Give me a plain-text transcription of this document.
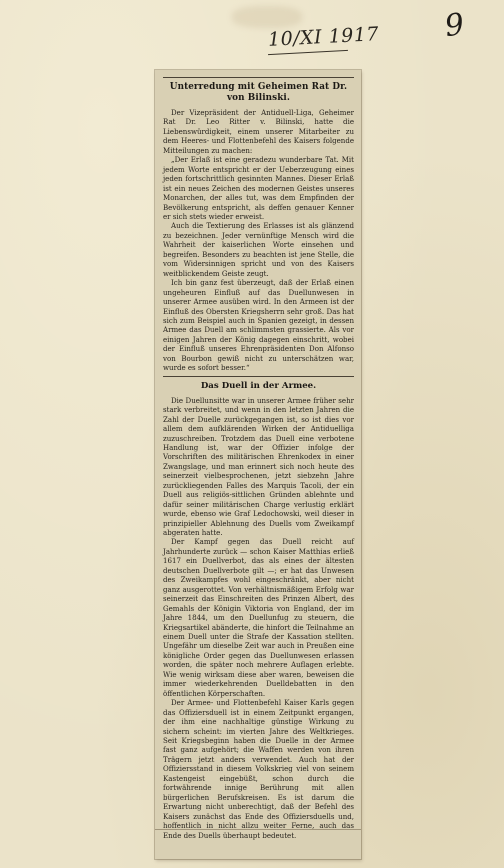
10/XI 1917 9
Unterredung mit Geheimen Rat Dr. von Bilinski.

Der Vizepräsident der Antiduell-Liga, Geheimer Rat Dr. Leo Ritter v. Bilinski, hatte die Liebenswürdigkeit, einem unserer Mitarbeiter zu dem Heeres- und Flottenbefehl des Kaisers folgende Mitteilungen zu machen:

„Der Erlaß ist eine geradezu wunderbare Tat. Mit jedem Worte entspricht er der Ueberzeugung eines jeden fortschrittlich gesinnten Mannes. Dieser Erlaß ist ein neues Zeichen des modernen Geistes unseres Monarchen, der alles tut, was dem Empfinden der Bevölkerung entspricht, als deffen genauer Kenner er sich stets wieder erweist.

Auch die Textierung des Erlasses ist als glänzend zu bezeichnen. Jeder vernünftige Mensch wird die Wahrheit der kaiserlichen Worte einsehen und begreifen. Besonders zu beachten ist jene Stelle, die vom Widersinnigen spricht und von des Kaisers weitblickendem Geiste zeugt.

Ich bin ganz fest überzeugt, daß der Erlaß einen ungeheuren Einfluß auf das Duellunwesen in unserer Armee ausüben wird. In den Armeen ist der Einfluß des Obersten Kriegsherrn sehr groß. Das hat sich zum Beispiel auch in Spanien gezeigt, in dessen Armee das Duell am schlimmsten grassierte. Als vor einigen Jahren der König dagegen einschritt, wobei der Einfluß unseres Ehrenpräsidenten Don Alfonso von Bourbon gewiß nicht zu unterschätzen war, wurde es sofort besser.“

Das Duell in der Armee.

Die Duellunsitte war in unserer Armee früher sehr stark verbreitet, und wenn in den letzten Jahren die Zahl der Duelle zurückgegangen ist, so ist dies vor allem dem aufklärenden Wirken der Antiduelliga zuzuschreiben. Trotzdem das Duell eine verbotene Handlung ist, war der Offizier infolge der Vorschriften des militärischen Ehrenkodex in einer Zwangslage, und man erinnert sich noch heute des seinerzeit vielbesprochenen, jetzt siebzehn Jahre zurückliegenden Falles des Marquis Tacoli, der ein Duell aus religiös-sittlichen Gründen ablehnte und dafür seiner militärischen Charge verlustig erklärt wurde, ebenso wie Graf Ledochowski, weil dieser in prinzipieller Ablehnung des Duells vom Zweikampf abgeraten hatte.

Der Kampf gegen das Duell reicht auf Jahrhunderte zurück — schon Kaiser Matthias erließ 1617 ein Duellverbot, das als eines der ältesten deutschen Duellverbote gilt —; er hat das Unwesen des Zweikampfes wohl eingeschränkt, aber nicht ganz ausgerottet. Von verhältnismäßigem Erfolg war seinerzeit das Einschreiten des Prinzen Albert, des Gemahls der Königin Viktoria von England, der im Jahre 1844, um den Duellunfug zu steuern, die Kriegsartikel abänderte, die hinfort die Teilnahme an einem Duell unter die Strafe der Kassation stellten. Ungefähr um dieselbe Zeit war auch in Preußen eine königliche Order gegen das Duellunwesen erlassen worden, die später noch mehrere Auflagen erlebte. Wie wenig wirksam diese aber waren, beweisen die immer wiederkehrenden Duelldebatten in den öffentlichen Körperschaften.

Der Armee- und Flottenbefehl Kaiser Karls gegen das Offiziersduell ist in einem Zeitpunkt ergangen, der ihm eine nachhaltige günstige Wirkung zu sichern scheint: im vierten Jahre des Weltkrieges. Seit Kriegsbeginn haben die Duelle in der Armee fast ganz aufgehört; die Waffen werden von ihren Trägern jetzt anders verwendet. Auch hat der Offiziersstand in diesem Volkskrieg viel von seinem Kastengeist eingebüßt, schon durch die fortwährende innige Berührung mit allen bürgerlichen Berufskreisen. Es ist darum die Erwartung nicht unberechtigt, daß der Befehl des Kaisers zunächst das Ende des Offiziersduells und, hoffentlich in nicht allzu weiter Ferne, auch das Ende des Duells überhaupt bedeutet.
